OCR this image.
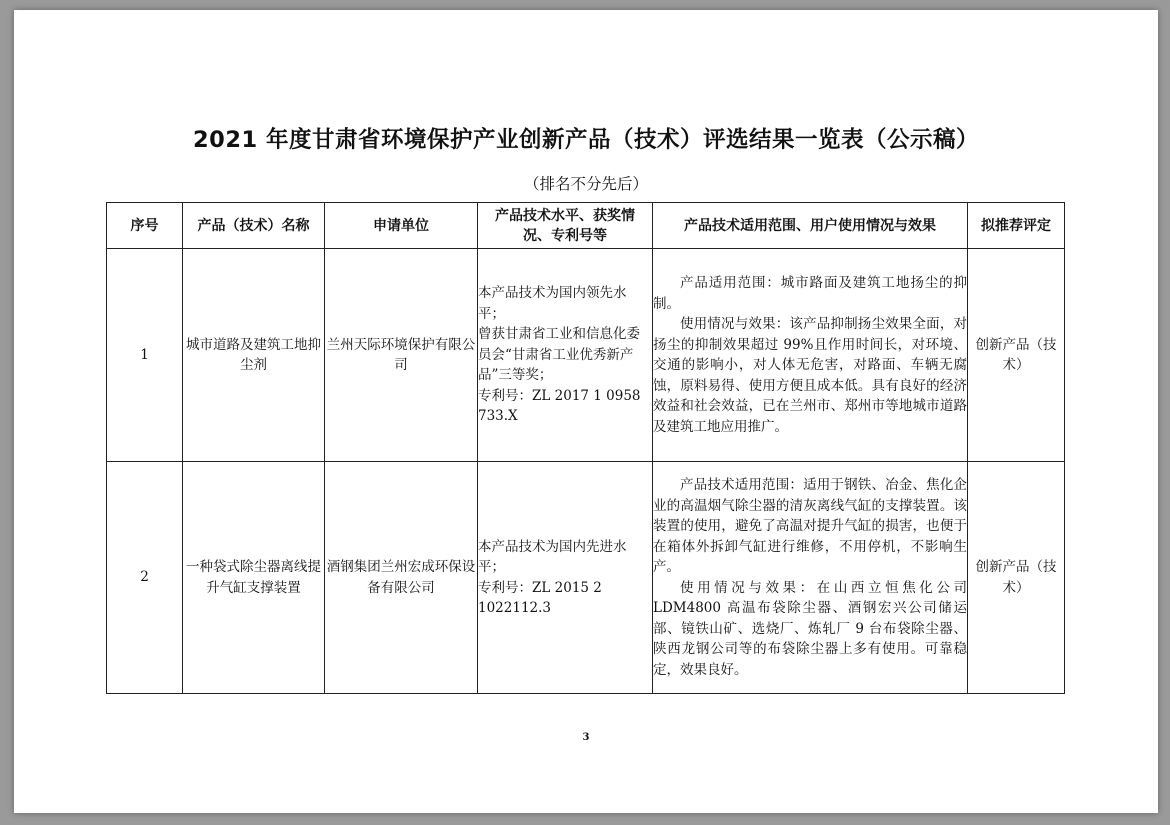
2021 年度甘肃省环境保护产业创新产品（技术）评选结果一览表（公示稿）

（排名不分先后）

序号	产品（技术）名称	申请单位	产品技术水平、获奖情况、专利号等	产品技术适用范围、用户使用情况与效果	拟推荐评定
1	城市道路及建筑工地抑尘剂	兰州天际环境保护有限公司	本产品技术为国内领先水平；
曾获甘肃省工业和信息化委员会“甘肃省工业优秀新产品”三等奖；
专利号：ZL 2017 1 0958 733.X	产品适用范围：城市路面及建筑工地扬尘的抑制。
使用情况与效果：该产品抑制扬尘效果全面，对扬尘的抑制效果超过 99%且作用时间长，对环境、交通的影响小，对人体无危害，对路面、车辆无腐蚀，原料易得、使用方便且成本低。具有良好的经济效益和社会效益，已在兰州市、郑州市等地城市道路及建筑工地应用推广。	创新产品（技术）
2	一种袋式除尘器离线提升气缸支撑装置	酒钢集团兰州宏成环保设备有限公司	本产品技术为国内先进水平；
专利号：ZL 2015 2 1022112.3	产品技术适用范围：适用于钢铁、冶金、焦化企业的高温烟气除尘器的清灰离线气缸的支撑装置。该装置的使用，避免了高温对提升气缸的损害，也便于在箱体外拆卸气缸进行维修，不用停机，不影响生产。
使用情况与效果：在山西立恒焦化公司 LDM4800 高温布袋除尘器、酒钢宏兴公司储运部、镜铁山矿、选烧厂、炼轧厂 9 台布袋除尘器、陕西龙钢公司等的布袋除尘器上多有使用。可靠稳定，效果良好。	创新产品（技术）
3
